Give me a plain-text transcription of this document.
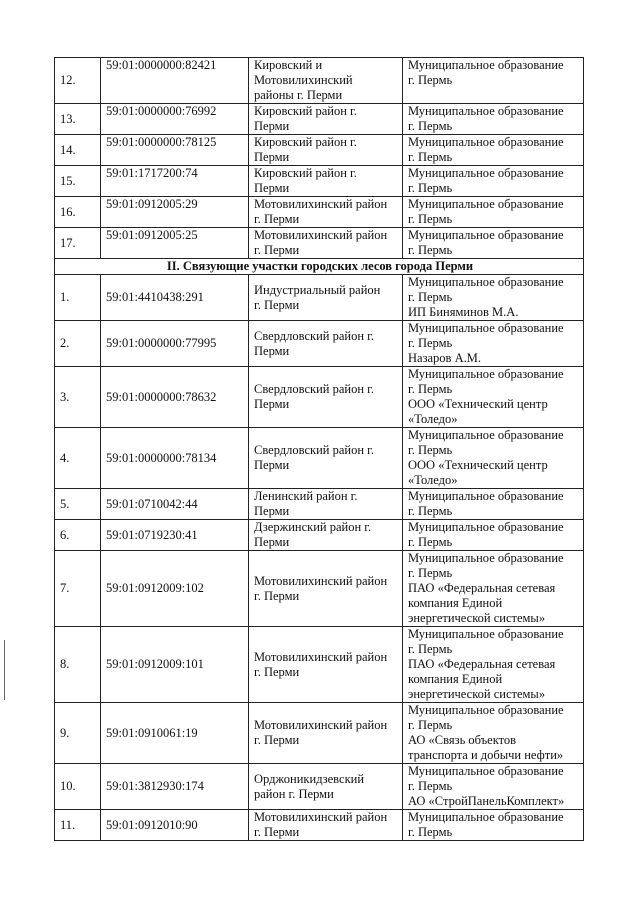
12.	59:01:0000000:82421	Кировский и
Мотовилихинский
районы г. Перми	Муниципальное образование
г. Пермь
13.	59:01:0000000:76992	Кировский район г.
Перми	Муниципальное образование
г. Пермь
14.	59:01:0000000:78125	Кировский район г.
Перми	Муниципальное образование
г. Пермь
15.	59:01:1717200:74	Кировский район г.
Перми	Муниципальное образование
г. Пермь
16.	59:01:0912005:29	Мотовилихинский район
г. Перми	Муниципальное образование
г. Пермь
17.	59:01:0912005:25	Мотовилихинский район
г. Перми	Муниципальное образование
г. Пермь
II. Связующие участки городских лесов города Перми			
1.	59:01:4410438:291	Индустриальный район
г. Перми	Муниципальное образование
г. Пермь
ИП Биняминов М.А.
2.	59:01:0000000:77995	Свердловский район г.
Перми	Муниципальное образование
г. Пермь
Назаров А.М.
3.	59:01:0000000:78632	Свердловский район г.
Перми	Муниципальное образование
г. Пермь
ООО «Технический центр
«Толедо»
4.	59:01:0000000:78134	Свердловский район г.
Перми	Муниципальное образование
г. Пермь
ООО «Технический центр
«Толедо»
5.	59:01:0710042:44	Ленинский район г.
Перми	Муниципальное образование
г. Пермь
6.	59:01:0719230:41	Дзержинский район г.
Перми	Муниципальное образование
г. Пермь
7.	59:01:0912009:102	Мотовилихинский район
г. Перми	Муниципальное образование
г. Пермь
ПАО «Федеральная сетевая
компания Единой
энергетической системы»
8.	59:01:0912009:101	Мотовилихинский район
г. Перми	Муниципальное образование
г. Пермь
ПАО «Федеральная сетевая
компания Единой
энергетической системы»
9.	59:01:0910061:19	Мотовилихинский район
г. Перми	Муниципальное образование
г. Пермь
АО «Связь объектов
транспорта и добычи нефти»
10.	59:01:3812930:174	Орджоникидзевский
район г. Перми	Муниципальное образование
г. Пермь
АО «СтройПанельКомплект»
11.	59:01:0912010:90	Мотовилихинский район
г. Перми	Муниципальное образование
г. Пермь
